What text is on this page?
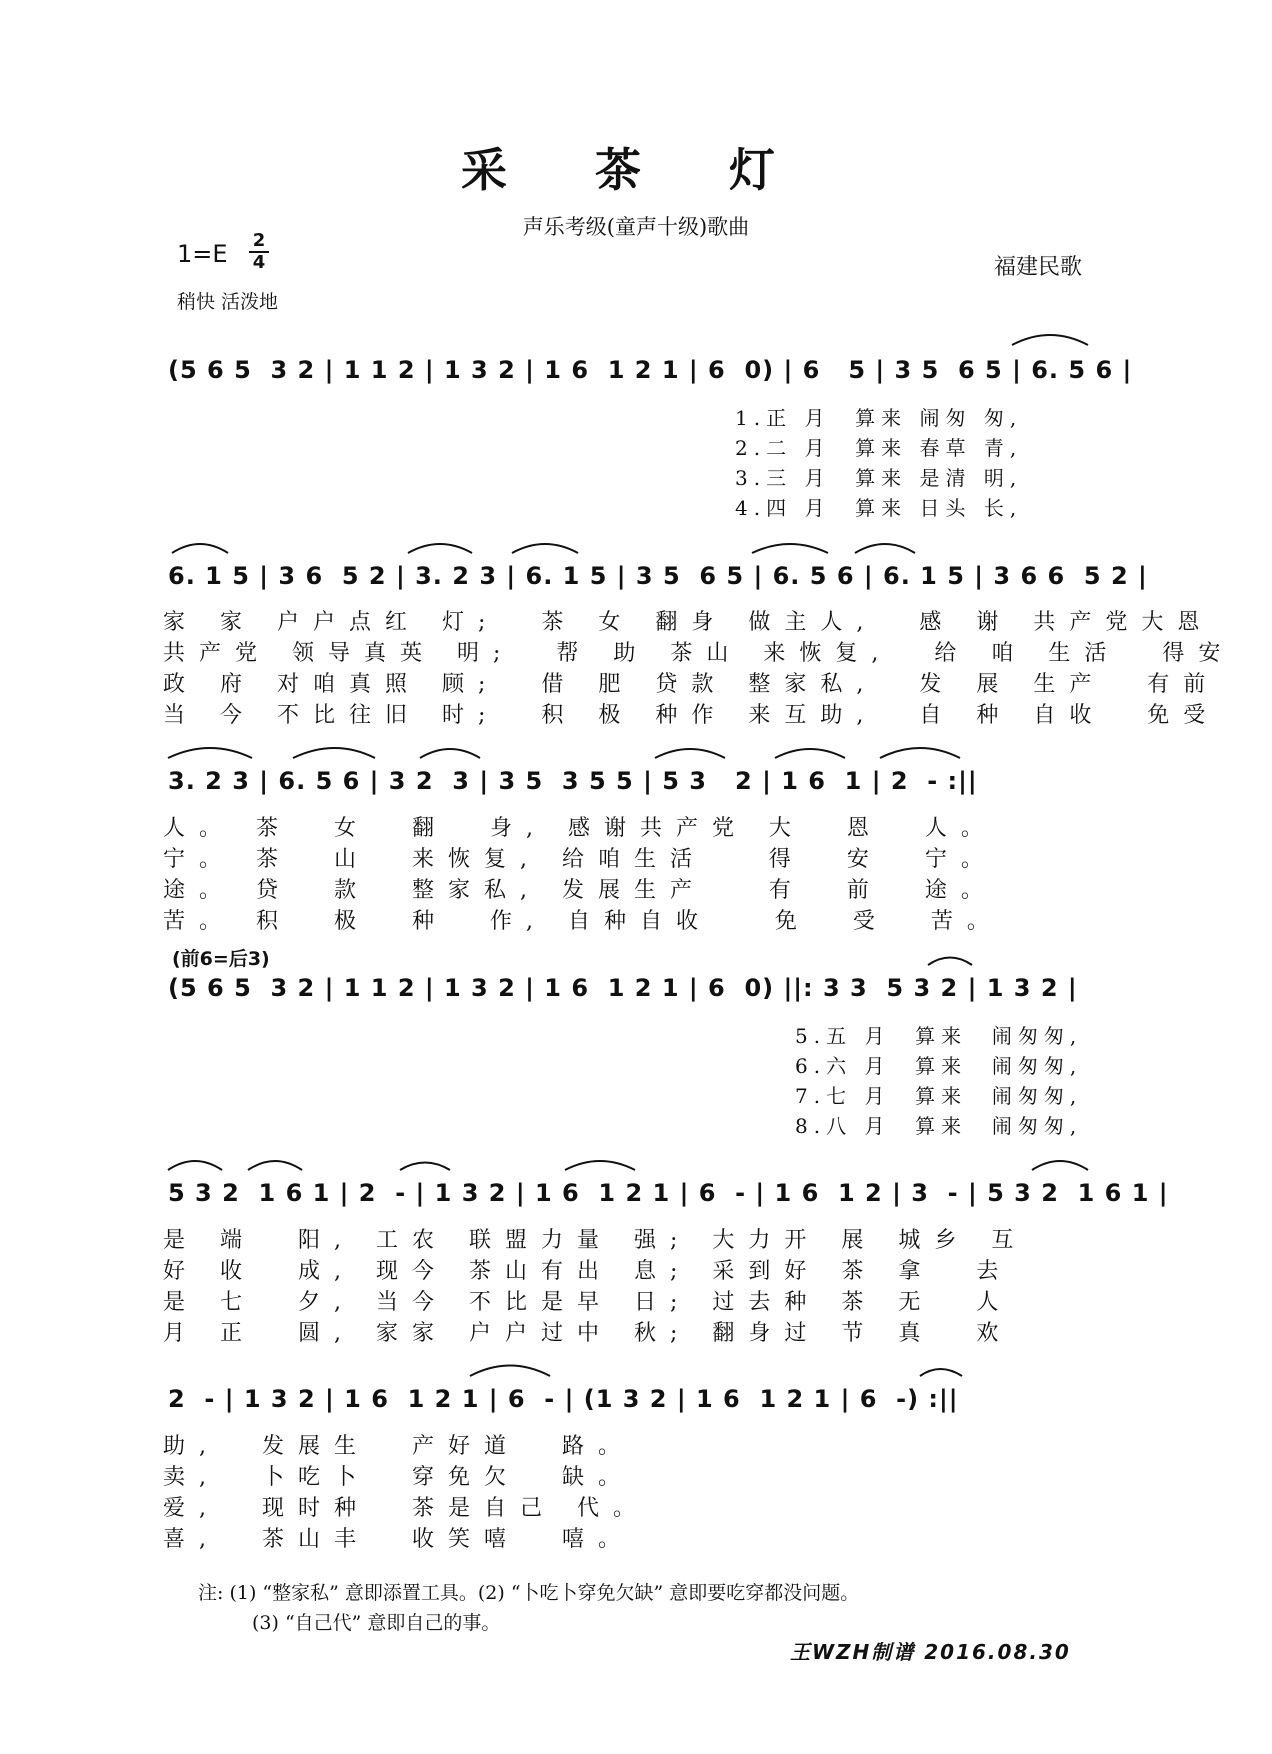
采 茶 灯
声乐考级(童声十级)歌曲
1=E 2
4
稍快 活泼地
福建民歌
(5 6 5  3 2 | 1 1 2 | 1 3 2 | 1 6  1 2 1 | 6  0) | 6   5 | 3 5  6 5 | 6. 5 6 |
1.正 月  算来 闹匆 匆,
2.二 月  算来 春草 青,
3.三 月  算来 是清 明,
4.四 月  算来 日头 长,
6. 1 5 | 3 6  5 2 | 3. 2 3 | 6. 1 5 | 3 5  6 5 | 6. 5 6 | 6. 1 5 | 3 6 6  5 2 |
家 家 户户点红 灯;  茶 女 翻身 做主人,  感 谢 共产党大恩
共产党 领导真英 明;  帮 助 茶山 来恢复,  给 咱 生活  得安
政 府 对咱真照 顾;  借 肥 贷款 整家私,  发 展 生产  有前
当 今 不比往旧 时;  积 极 种作 来互助,  自 种 自收  免受
3. 2 3 | 6. 5 6 | 3 2  3 | 3 5  3 5 5 | 5 3   2 | 1 6  1 | 2  - :||
人。 茶  女  翻  身, 感谢共产党 大  恩  人。
宁。 茶  山  来恢复, 给咱生活   得  安  宁。
途。 贷  款  整家私, 发展生产   有  前  途。
苦。 积  极  种  作, 自种自收   免  受  苦。
(前6=后3)
(5 6 5  3 2 | 1 1 2 | 1 3 2 | 1 6  1 2 1 | 6  0) ||: 3 3  5 3 2 | 1 3 2 |
5.五 月  算来  闹匆匆,
6.六 月  算来  闹匆匆,
7.七 月  算来  闹匆匆,
8.八 月  算来  闹匆匆,
5 3 2  1 6 1 | 2  - | 1 3 2 | 1 6  1 2 1 | 6  - | 1 6  1 2 | 3  - | 5 3 2  1 6 1 |
是 端  阳, 工农 联盟力量 强; 大力开 展 城乡 互
好 收  成, 现今 茶山有出 息; 采到好 茶 拿  去
是 七  夕, 当今 不比是早 日; 过去种 茶 无  人
月 正  圆, 家家 户户过中 秋; 翻身过 节 真  欢
2  - | 1 3 2 | 1 6  1 2 1 | 6  - | (1 3 2 | 1 6  1 2 1 | 6  -) :||
助,  发展生  产好道  路。
卖,  卜吃卜  穿免欠  缺。
爱,  现时种  茶是自己 代。
喜,  茶山丰  收笑嘻  嘻。
注: (1) “整家私” 意即添置工具。(2) “卜吃卜穿免欠缺” 意即要吃穿都没问题。
(3) “自己代” 意即自己的事。
王WZH制谱 2016.08.30
